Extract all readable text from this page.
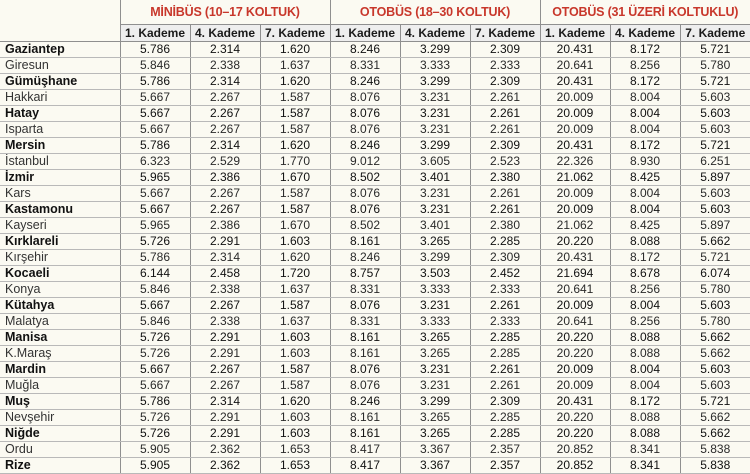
	MİNİBÜS (10–17 KOLTUK)			OTOBÜS (18–30 KOLTUK)			OTOBÜS (31 ÜZERİ KOLTUKLU)		
	1. Kademe	4. Kademe	7. Kademe	1. Kademe	4. Kademe	7. Kademe	1. Kademe	4. Kademe	7. Kademe
Gaziantep	5.786	2.314	1.620	8.246	3.299	2.309	20.431	8.172	5.721
Giresun	5.846	2.338	1.637	8.331	3.333	2.333	20.641	8.256	5.780
Gümüşhane	5.786	2.314	1.620	8.246	3.299	2.309	20.431	8.172	5.721
Hakkari	5.667	2.267	1.587	8.076	3.231	2.261	20.009	8.004	5.603
Hatay	5.667	2.267	1.587	8.076	3.231	2.261	20.009	8.004	5.603
Isparta	5.667	2.267	1.587	8.076	3.231	2.261	20.009	8.004	5.603
Mersin	5.786	2.314	1.620	8.246	3.299	2.309	20.431	8.172	5.721
İstanbul	6.323	2.529	1.770	9.012	3.605	2.523	22.326	8.930	6.251
İzmir	5.965	2.386	1.670	8.502	3.401	2.380	21.062	8.425	5.897
Kars	5.667	2.267	1.587	8.076	3.231	2.261	20.009	8.004	5.603
Kastamonu	5.667	2.267	1.587	8.076	3.231	2.261	20.009	8.004	5.603
Kayseri	5.965	2.386	1.670	8.502	3.401	2.380	21.062	8.425	5.897
Kırklareli	5.726	2.291	1.603	8.161	3.265	2.285	20.220	8.088	5.662
Kırşehir	5.786	2.314	1.620	8.246	3.299	2.309	20.431	8.172	5.721
Kocaeli	6.144	2.458	1.720	8.757	3.503	2.452	21.694	8.678	6.074
Konya	5.846	2.338	1.637	8.331	3.333	2.333	20.641	8.256	5.780
Kütahya	5.667	2.267	1.587	8.076	3.231	2.261	20.009	8.004	5.603
Malatya	5.846	2.338	1.637	8.331	3.333	2.333	20.641	8.256	5.780
Manisa	5.726	2.291	1.603	8.161	3.265	2.285	20.220	8.088	5.662
K.Maraş	5.726	2.291	1.603	8.161	3.265	2.285	20.220	8.088	5.662
Mardin	5.667	2.267	1.587	8.076	3.231	2.261	20.009	8.004	5.603
Muğla	5.667	2.267	1.587	8.076	3.231	2.261	20.009	8.004	5.603
Muş	5.786	2.314	1.620	8.246	3.299	2.309	20.431	8.172	5.721
Nevşehir	5.726	2.291	1.603	8.161	3.265	2.285	20.220	8.088	5.662
Niğde	5.726	2.291	1.603	8.161	3.265	2.285	20.220	8.088	5.662
Ordu	5.905	2.362	1.653	8.417	3.367	2.357	20.852	8.341	5.838
Rize	5.905	2.362	1.653	8.417	3.367	2.357	20.852	8.341	5.838
